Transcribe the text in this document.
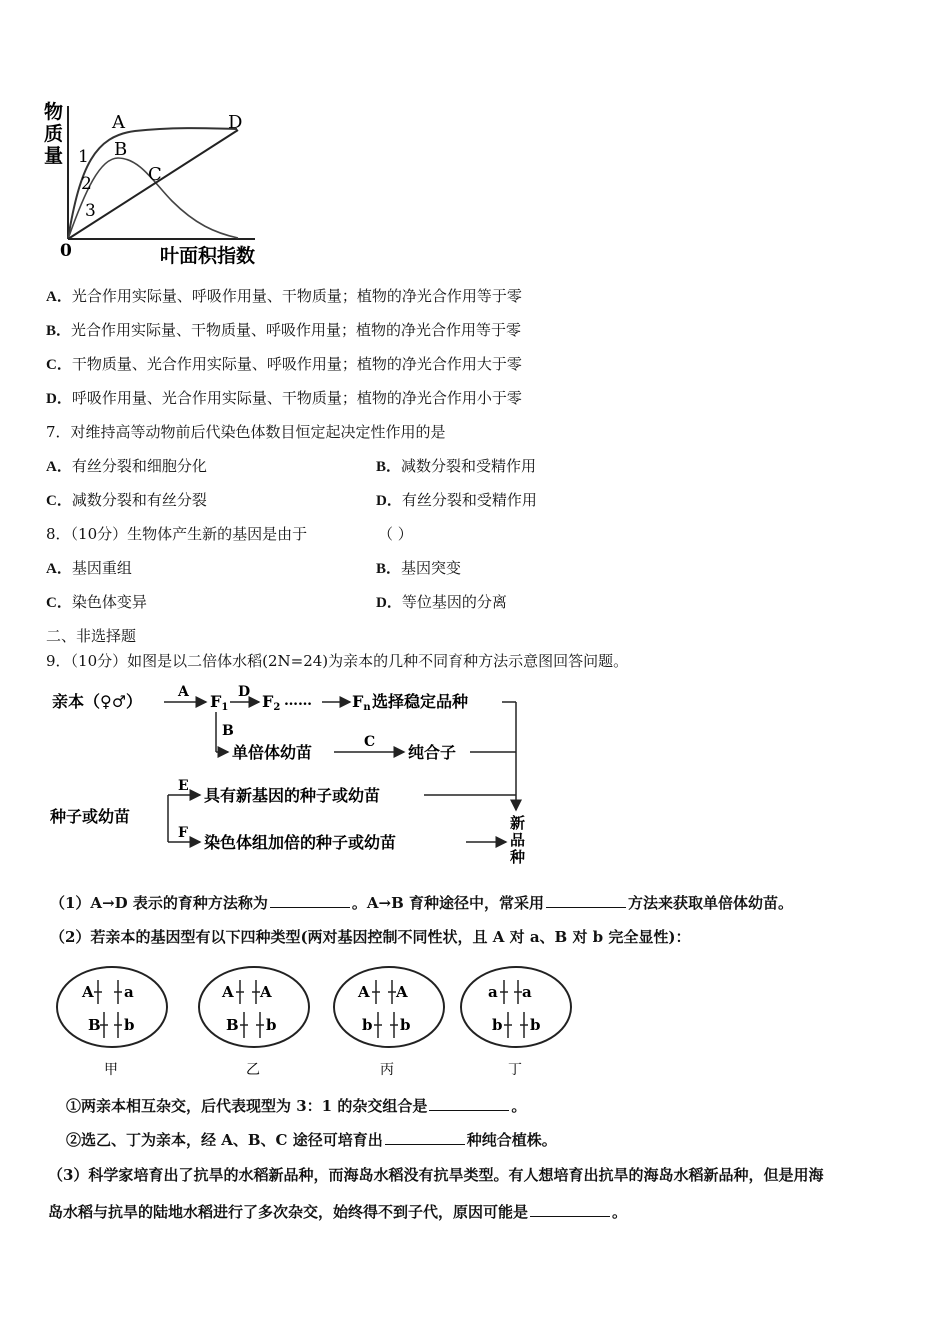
物
质
量
A
B
C
D
1
2
3
0	叶面积指数
A．光合作用实际量、呼吸作用量、干物质量；植物的净光合作用等于零
B．光合作用实际量、干物质量、呼吸作用量；植物的净光合作用等于零
C．干物质量、光合作用实际量、呼吸作用量；植物的净光合作用大于零
D．呼吸作用量、光合作用实际量、干物质量；植物的净光合作用小于零
7．对维持高等动物前后代染色体数目恒定起决定性作用的是
A．有丝分裂和细胞分化	B．减数分裂和受精作用
C．减数分裂和有丝分裂	D．有丝分裂和受精作用
8．（10分）生物体产生新的基因是由于	（ ）
A．基因重组	B．基因突变
C．染色体变异	D．等位基因的分离
二、非选择题
9．（10分）如图是以二倍体水稻(2N=24)为亲本的几种不同育种方法示意图回答问题。
亲本（♀♂）	A F1
D F2 ……	Fn 选择稳定品种
B
单倍体幼苗
C
纯合子
种子或幼苗
E 具有新基因的种子或幼苗
F 染色体组加倍的种子或幼苗
新
品
种
（1）A→D 表示的育种方法称为	。A→B 育种途径中，常采用	方法来获取单倍体幼苗。
（2）若亲本的基因型有以下四种类型(两对基因控制不同性状，且 A 对 a、B 对 b 完全显性)：
A a
B b
甲
A A
B b
乙
A A
b b
丙
a a
b b
丁
①两亲本相互杂交，后代表现型为 3：1 的杂交组合是	。
②选乙、丁为亲本，经 A、B、C 途径可培育出	种纯合植株。
（3）科学家培育出了抗旱的水稻新品种，而海岛水稻没有抗旱类型。有人想培育出抗旱的海岛水稻新品种，但是用海
岛水稻与抗旱的陆地水稻进行了多次杂交，始终得不到子代，原因可能是	。
